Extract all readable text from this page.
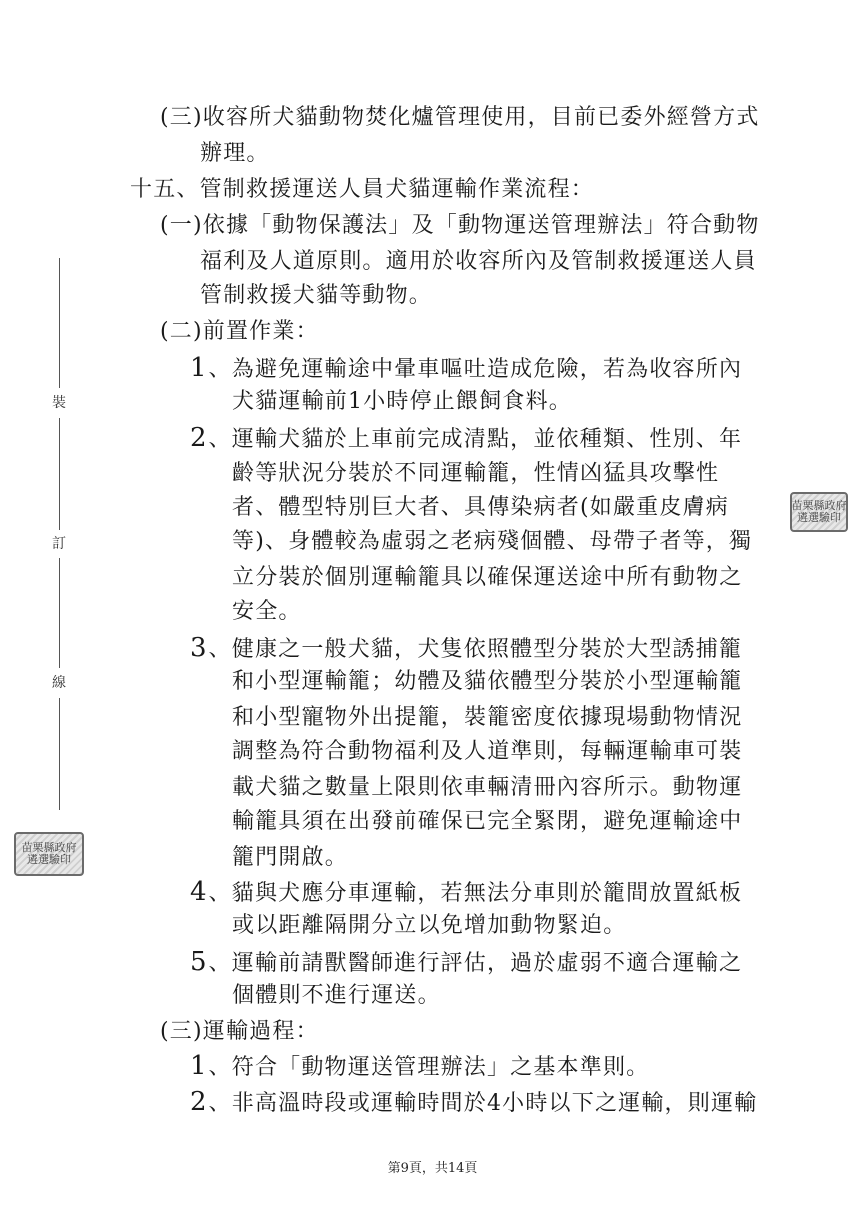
裝
訂
線
苗栗縣政府
遴選驗印
苗栗縣政府
遴選驗印
(三)收容所犬貓動物焚化爐管理使用，目前已委外經營方式
辦理。
十五、管制救援運送人員犬貓運輸作業流程：
(一)依據「動物保護法」及「動物運送管理辦法」符合動物
福利及人道原則。適用於收容所內及管制救援運送人員
管制救援犬貓等動物。
(二)前置作業：
1、為避免運輸途中暈車嘔吐造成危險，若為收容所內
犬貓運輸前1小時停止餵飼食料。
2、運輸犬貓於上車前完成清點，並依種類、性別、年
齡等狀況分裝於不同運輸籠，性情凶猛具攻擊性
者、體型特別巨大者、具傳染病者(如嚴重皮膚病
等)、身體較為虛弱之老病殘個體、母帶子者等，獨
立分裝於個別運輸籠具以確保運送途中所有動物之
安全。
3、健康之一般犬貓，犬隻依照體型分裝於大型誘捕籠
和小型運輸籠；幼體及貓依體型分裝於小型運輸籠
和小型寵物外出提籠，裝籠密度依據現場動物情況
調整為符合動物福利及人道準則，每輛運輸車可裝
載犬貓之數量上限則依車輛清冊內容所示。動物運
輸籠具須在出發前確保已完全緊閉，避免運輸途中
籠門開啟。
4、貓與犬應分車運輸，若無法分車則於籠間放置紙板
或以距離隔開分立以免增加動物緊迫。
5、運輸前請獸醫師進行評估，過於虛弱不適合運輸之
個體則不進行運送。
(三)運輸過程：
1、符合「動物運送管理辦法」之基本準則。
2、非高溫時段或運輸時間於4小時以下之運輸，則運輸
第9頁，共14頁
